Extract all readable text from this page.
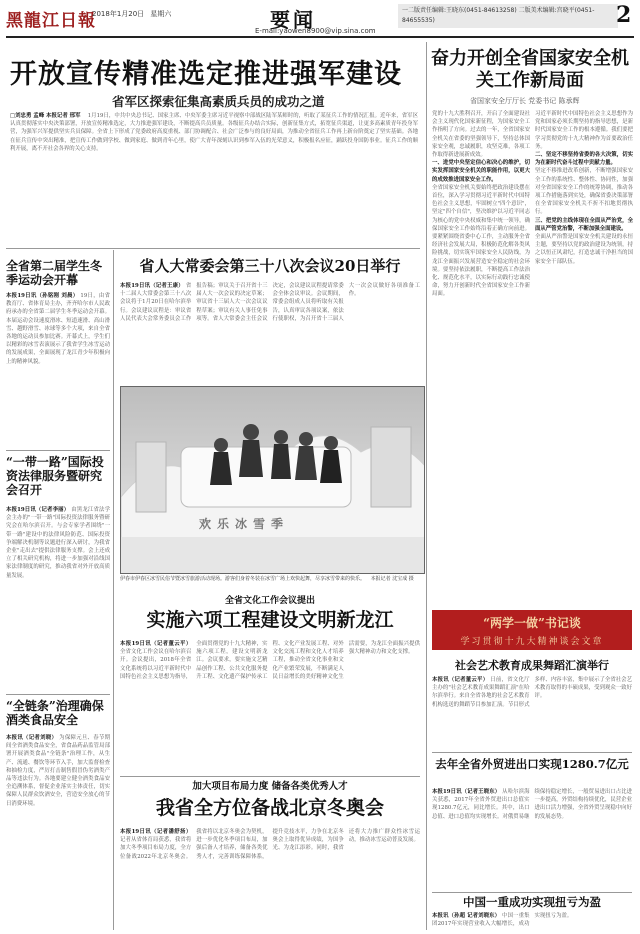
黑龍江日報
2018年1月20日 星期六	要闻
E-mail:yaowen8900@vip.sina.com
一二版责任编辑:王晓东(0451-84613258) 二版美术编辑:宫晓平(0451-84655535)	2
开放宣传精准选定推进强军建设
省军区探索征集高素质兵员的成功之道
□刘忠勇 孟峰 本报记者 邢军 　1月19日，中共中央总书记、国家主席、中央军委主席习近平视察中部战区陆军某师时的，听取了某征兵工作的情况汇报。近年来，省军区认真贯彻落实中央决策部署，开放宣传精准选定，大力推进强军建设，不断提高兵员质量。各级征兵办结合实际，创新征集方式，拓宽征兵渠道，让更多高素质青年投身军营，为强军兴军提供坚实兵员保障。全省上下形成了党委政府高度重视、部门协调配合、社会广泛参与的良好局面，为推动全省征兵工作再上新台阶奠定了坚实基础。各地在征兵宣传中突出精准，把宣传工作做到学校、做到家庭、做到青年心里，使广大青年深刻认识到参军入伍的光荣意义，积极报名应征，踊跃投身国防事业。征兵工作的顺利开展，离不开社会各界的关心支持。
奋力开创全省国家安全机关工作新局面
省国家安全厅厅长 党委书记 陈承辉
党的十九大胜利召开，开启了全面建设社会主义现代化国家新征程，为国家安全工作指明了方向。过去的一年，全省国家安全机关在省委的坚强领导下，坚持总体国家安全观，忠诚履职，攻坚克难，各项工作取得新进展新成效。
一、进党中央坚定信心和决心的维护，切实发挥国家安全机关的职能作用，以更大的成效推进国家安全工作。
全省国家安全机关要始终把政治建设摆在首位，深入学习贯彻习近平新时代中国特色社会主义思想，牢固树立"四个意识"，坚定"四个自信"，坚决维护以习近平同志为核心的党中央权威和集中统一领导，确保国家安全工作始终沿着正确方向前进。要紧紧围绕省委中心工作，主动服务全省经济社会发展大局，积极防范化解各类风险挑战，切实筑牢国家安全人民防线，为龙江全面振兴发展营造安全稳定的社会环境。要坚持依法履职，不断提高工作法治化、规范化水平，以实际行动践行忠诚使命，努力开创新时代全省国家安全工作新局面。
习近平新时代中国特色社会主义思想作为党和国家必须长期坚持的指导思想，是新时代国家安全工作的根本遵循。我们要把学习贯彻党的十九大精神作为首要政治任务。
二、坚定不移坚持省委的各大决策，切实为在新时代奋斗过程中贡献力量。
坚定不移推进改革创新，不断增强国家安全工作的系统性、整体性、协同性，加强对全省国家安全工作的统筹协调，推动各项工作措施落到实处，确保省委决策部署在全省国家安全机关不折不扣地贯彻执行。
三、把党的主线体现在全面从严治党，全面从严管党治警，不断加强全面建设。
全面从严治警是国家安全机关建设的永恒主题，要坚持以党的政治建设为统领，持之以恒正风肃纪，打造忠诚干净担当的国家安全干部队伍。
全省第二届学生冬季运动会开幕
本报19日讯（孙铭刚 刘晨） 19日，由省教育厅、省体育局主办，齐齐哈尔市人民政府承办的全省第二届学生冬季运动会开幕。本届运动会设速度滑冰、短道速滑、高山滑雪、越野滑雪、冰球等多个大项，来自全省各地的运动员参加比赛。开幕式上，学生们以精彩的冰雪表演展示了我省学生冰雪运动的发展成果，全面展现了龙江青少年积极向上的精神风貌。
“一带一路”国际投资法律服务暨研究会召开
本报19日讯（记者李丽） 由黑龙江省法学会主办的"一带一路"国际投资法律服务暨研究会在哈尔滨召开。与会专家学者围绕"一带一路"建设中的法律风险防范、国际投资争端解决机制等议题进行深入研讨，为我省企业"走出去"提供法律服务支撑。会上还成立了相关研究机构，将进一步加强对沿线国家法律制度的研究，推动我省对外开放高质量发展。
“全链条”治理确保酒类食品安全
本报讯（记者刘晓） 为保障元旦、春节期间全省酒类食品安全，省食品药品监管局部署开展酒类食品"全链条"治理工作，从生产、流通、餐饮等环节入手，加大监督检查和抽检力度，严厉打击制售假冒伪劣酒类产品等违法行为。各地要建立健全酒类食品安全追溯体系，督促企业落实主体责任，切实保障人民群众饮酒安全，营造安全放心的节日消费环境。
省人大常委会第三十八次会议20日举行
本报19日讯（记者王康） 省十二届人大常委会第三十八次会议将于1月20日在哈尔滨举行。会议建议议程是：审议省人民代表大会常务委员会工作报告稿；审议关于召开省十三届人大一次会议的决定草案；审议省十三届人大一次会议议程草案；审议有关人事任免事项等。省人大常委会主任会议决定，会议建议议程提请常委会全体会议审议。会议期间，常委会组成人员将听取有关报告，认真审议各项议案，依法行使职权，为召开省十三届人大一次会议做好各项准备工作。
欢乐冰雪季
伊春市伊春区冰雪民俗节暨冰雪旅游活动现场。游客们身着冬装在冰雪广场上欢快起舞，尽享冰雪带来的快乐。 本报记者 沈宝成 摄
全省文化工作会议提出
实施六项工程建设文明新龙江
本报19日讯（记者董云平） 全省文化工作会议在哈尔滨召开。会议提出，2018年全省文化系统将以习近平新时代中国特色社会主义思想为指导，全面贯彻党的十九大精神，实施六项工程，建设文明新龙江。会议要求，要实施文艺精品创作工程、公共文化服务提升工程、文化遗产保护传承工程、文化产业发展工程、对外文化交流工程和文化人才培养工程，推动全省文化事业和文化产业繁荣发展，不断满足人民日益增长的美好精神文化生活需要，为龙江全面振兴提供强大精神动力和文化支撑。
加大项目布局力度 储备各类优秀人才
我省全方位备战北京冬奥会
本报19日讯（记者潘舒扬） 记者从省体育局获悉，我省将加大冬季项目布局力度，全方位备战2022年北京冬奥会。我省将以北京冬奥会为契机，进一步优化冬季项目布局，加强后备人才培养，储备各类优秀人才，完善训练保障体系，提升竞技水平，力争在北京冬奥会上取得优异成绩，为国争光、为龙江添彩。同时，我省还将大力推广群众性冰雪运动，推动冰雪运动普及发展。
“两学一做”书记谈
学习贯彻十九大精神谈会文章
社会艺术教育成果舞蹈汇演举行
本报讯（记者董云平） 日前，省文化厅主办的"社会艺术教育成果舞蹈汇演"在哈尔滨举行。来自全省各地的社会艺术教育机构选送的舞蹈节目参加汇演。节目形式多样、内容丰富，集中展示了全省社会艺术教育取得的丰硕成果，受到观众一致好评。
去年全省外贸进出口实现1280.7亿元
本报19日讯（记者王晓东） 从哈尔滨海关获悉，2017年全省外贸进出口总值实现1280.7亿元，同比增长。其中，出口总值、进口总值均实现增长。对俄贸易继续保持稳定增长，一般贸易进出口占比进一步提高，外贸结构持续优化，民营企业进出口活力增强，全省外贸呈现稳中向好的发展态势。
中国一重成功实现扭亏为盈
本报讯（孙超 记者刘晓东） 中国一重集团2017年实现营业收入大幅增长，成功实现扭亏为盈。
